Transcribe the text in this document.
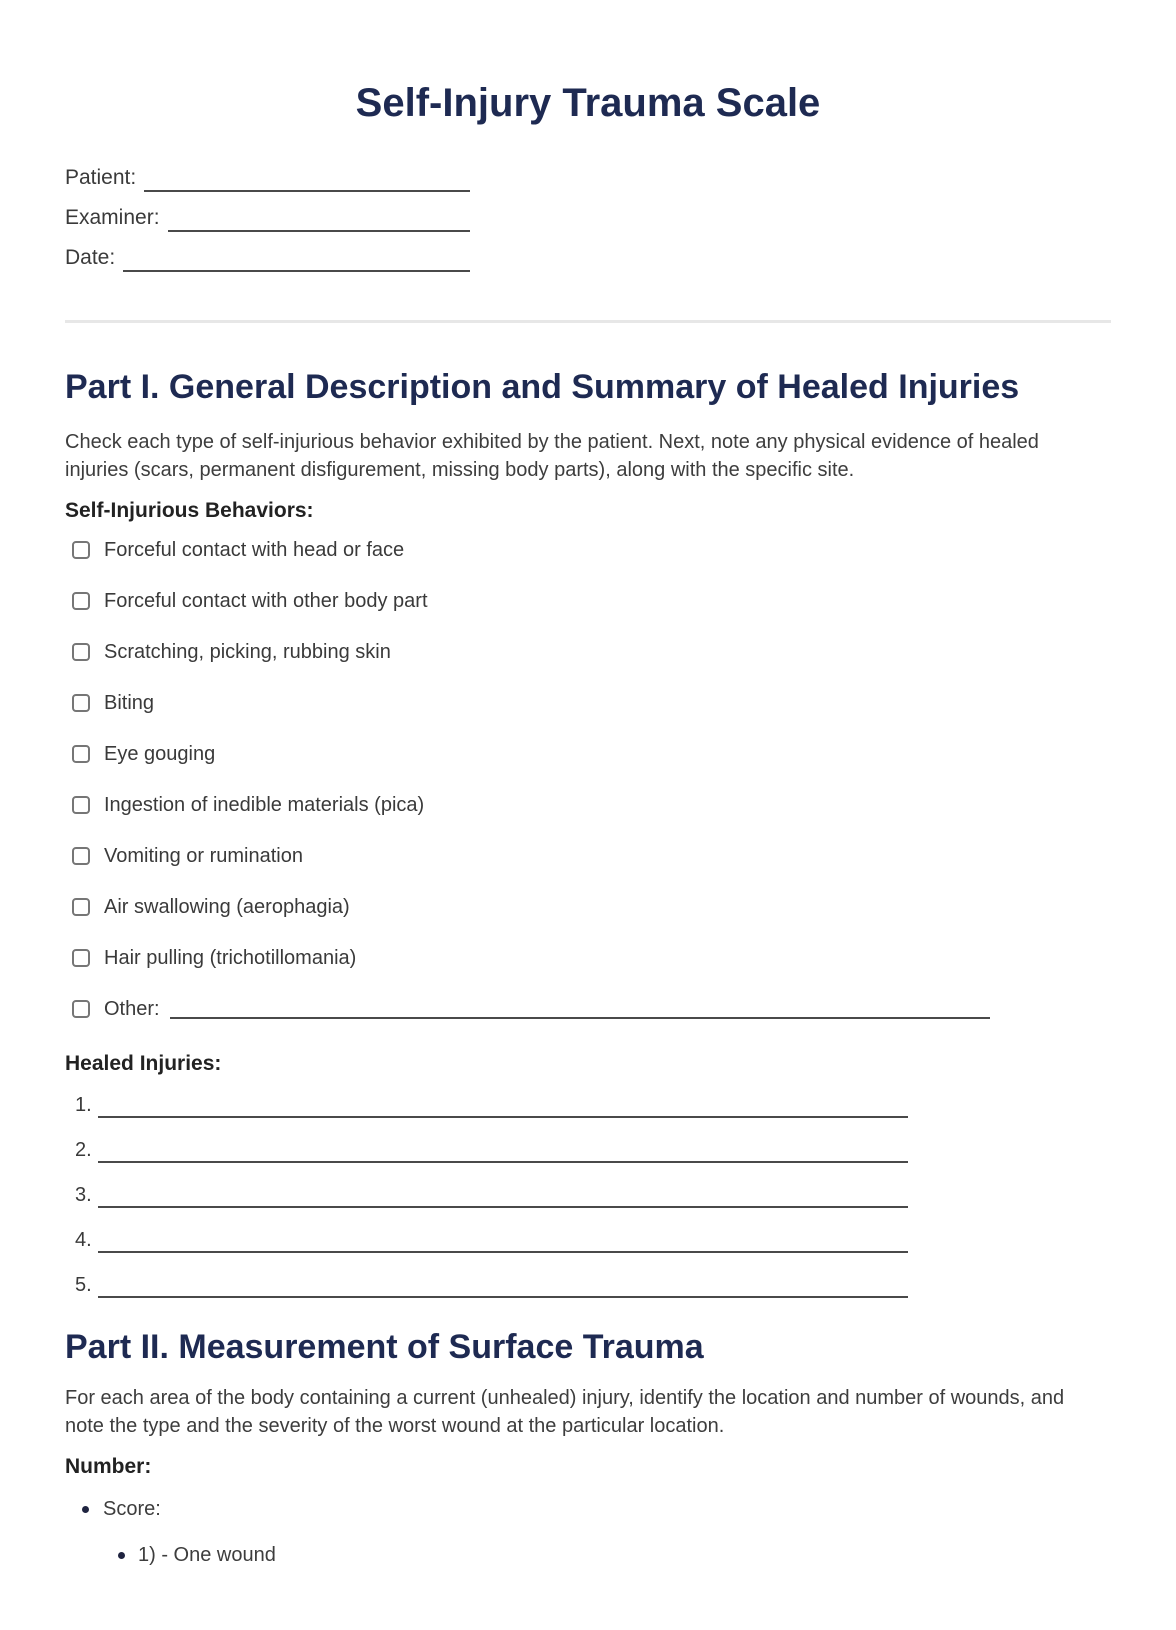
Self-Injury Trauma Scale
Patient:
Examiner:
Date:
Part I. General Description and Summary of Healed Injuries

Check each type of self-injurious behavior exhibited by the patient. Next, note any physical evidence of healed injuries (scars, permanent disfigurement, missing body parts), along with the specific site.

Self-Injurious Behaviors:
Forceful contact with head or face
Forceful contact with other body part
Scratching, picking, rubbing skin
Biting
Eye gouging
Ingestion of inedible materials (pica)
Vomiting or rumination
Air swallowing (aerophagia)
Hair pulling (trichotillomania)
Other:
Healed Injuries:
1.
2.
3.
4.
5.
Part II. Measurement of Surface Trauma

For each area of the body containing a current (unhealed) injury, identify the location and number of wounds, and note the type and the severity of the worst wound at the particular location.

Number:
Score:
1) - One wound
